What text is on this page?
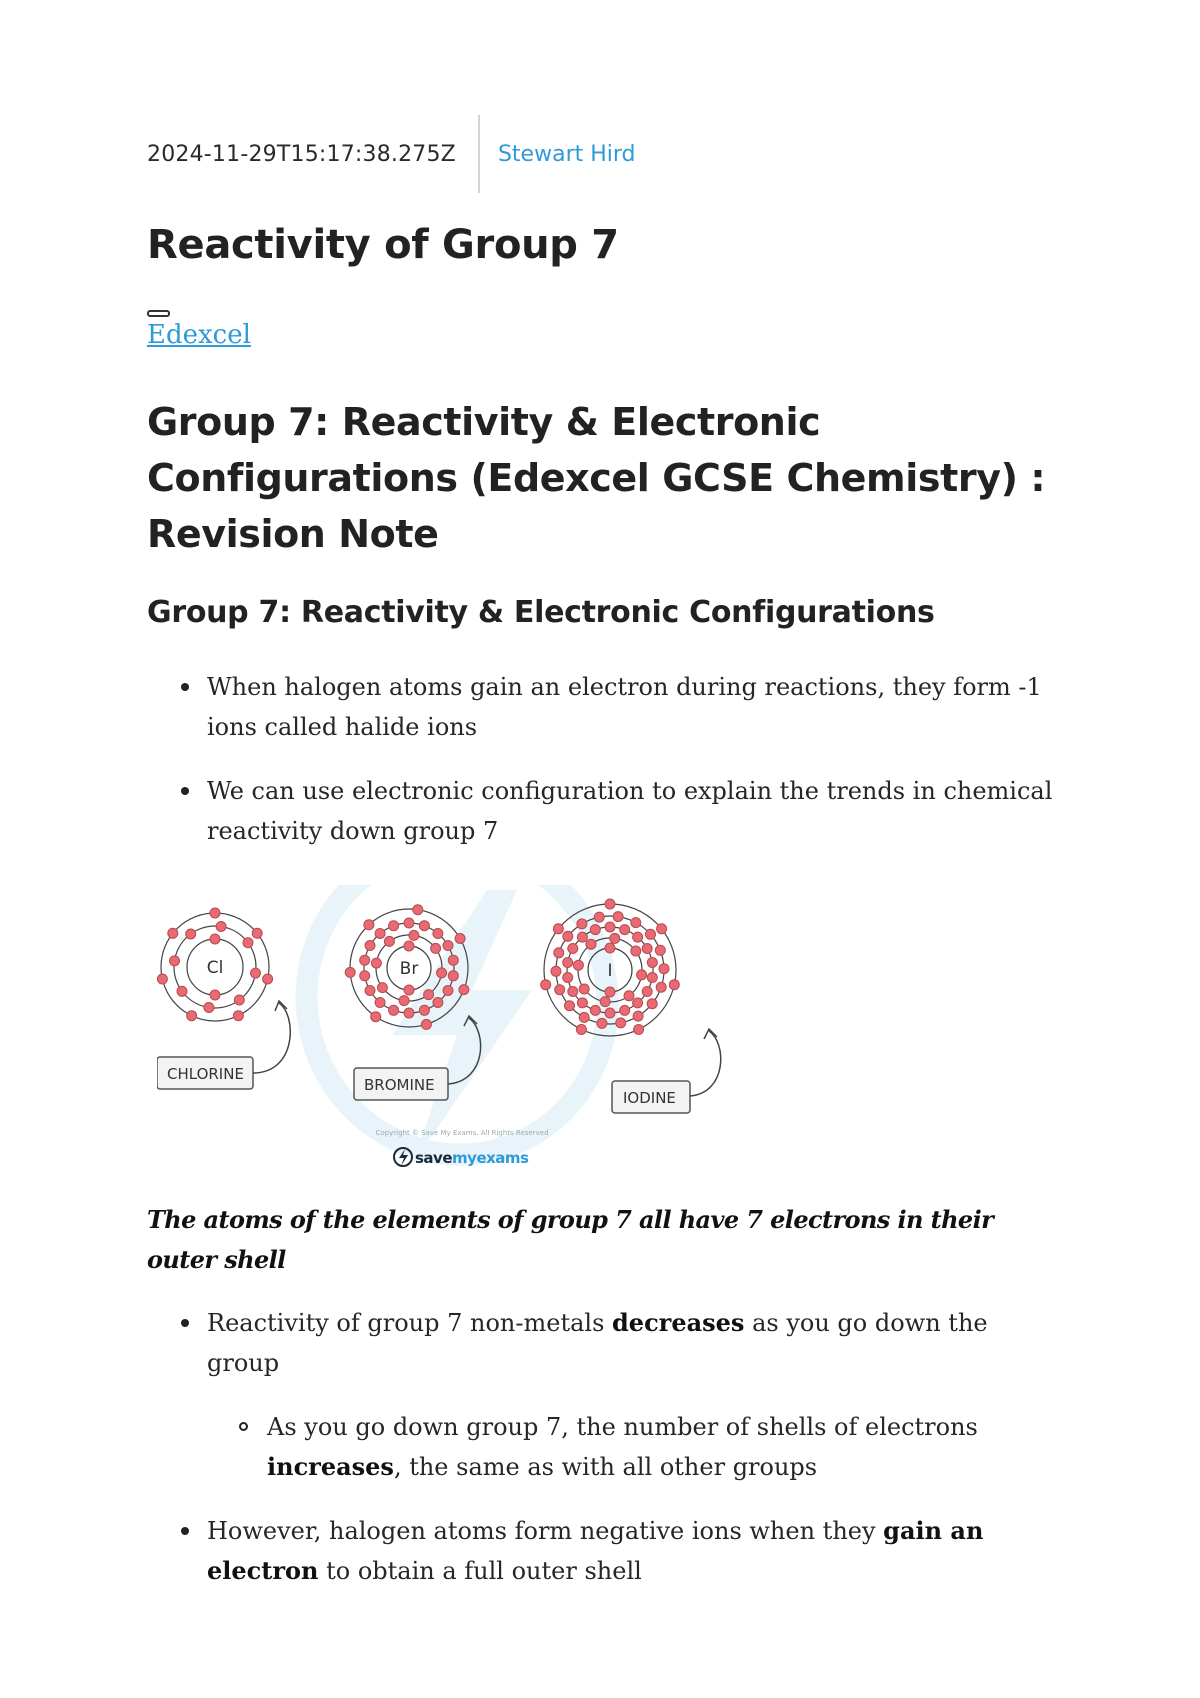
2024-11-29T15:17:38.275Z	Stewart Hird
Reactivity of Group 7
Edexcel
Group 7: Reactivity & Electronic Configurations (Edexcel GCSE Chemistry) : Revision Note
Group 7: Reactivity & Electronic Configurations
When halogen atoms gain an electron during reactions, they form -1 ions called halide ions
We can use electronic configuration to explain the trends in chemical reactivity down group 7
Cl	Br	I
CHLORINE
BROMINE
IODINE
Copyright © Save My Exams. All Rights Reserved
savemyexams
The atoms of the elements of group 7 all have 7 electrons in their outer shell
Reactivity of group 7 non-metals decreases as you go down the group
As you go down group 7, the number of shells of electrons increases, the same as with all other groups
However, halogen atoms form negative ions when they gain an electron to obtain a full outer shell
